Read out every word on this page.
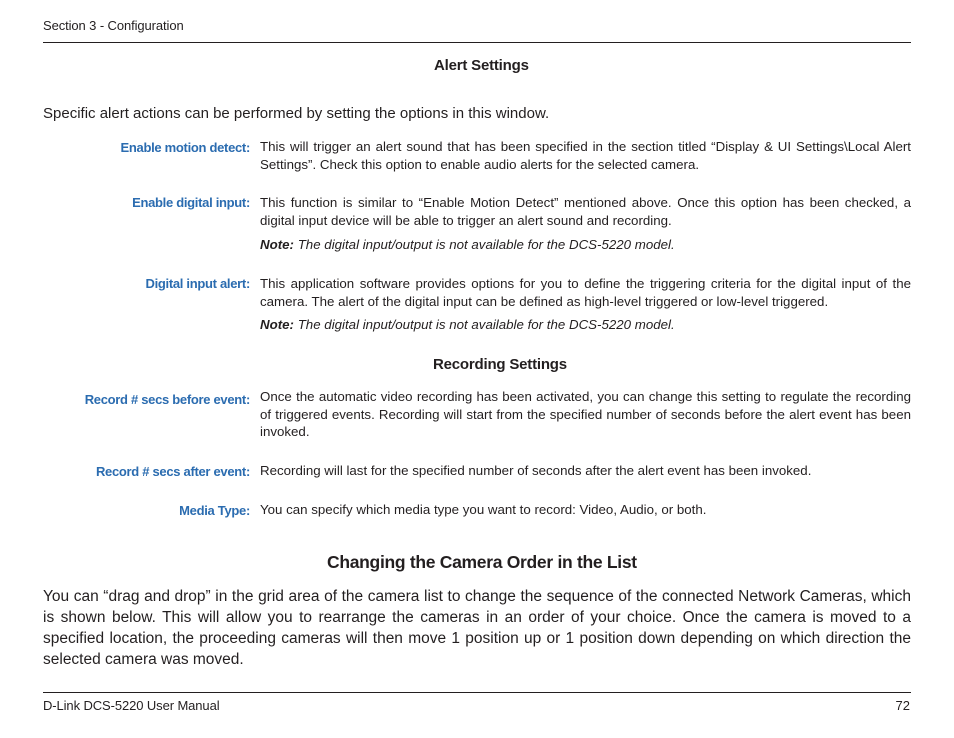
Section 3 - Configuration
Alert Settings
Specific alert actions can be performed by setting the options in this window.
Enable motion detect: This will trigger an alert sound that has been specified in the section titled “Display & UI Settings\Local Alert Settings”. Check this option to enable audio alerts for the selected camera.
Enable digital input: This function is similar to “Enable Motion Detect” mentioned above. Once this option has been checked, a digital input device will be able to trigger an alert sound and recording.
Note: The digital input/output is not available for the DCS-5220 model.
Digital input alert: This application software provides options for you to define the triggering criteria for the digital input of the camera. The alert of the digital input can be defined as high-level triggered or low-level triggered.
Note: The digital input/output is not available for the DCS-5220 model.
Recording Settings
Record # secs before event: Once the automatic video recording has been activated, you can change this setting to regulate the recording of triggered events. Recording will start from the specified number of seconds before the alert event has been invoked.
Record # secs after event: Recording will last for the specified number of seconds after the alert event has been invoked.
Media Type: You can specify which media type you want to record: Video, Audio, or both.
Changing the Camera Order in the List
You can “drag and drop” in the grid area of the camera list to change the sequence of the connected Network Cameras, which is shown below. This will allow you to rearrange the cameras in an order of your choice. Once the camera is moved to a specified location, the proceeding cameras will then move 1 position up or 1 position down depending on which direction the selected camera was moved.
D-Link DCS-5220 User Manual	72
